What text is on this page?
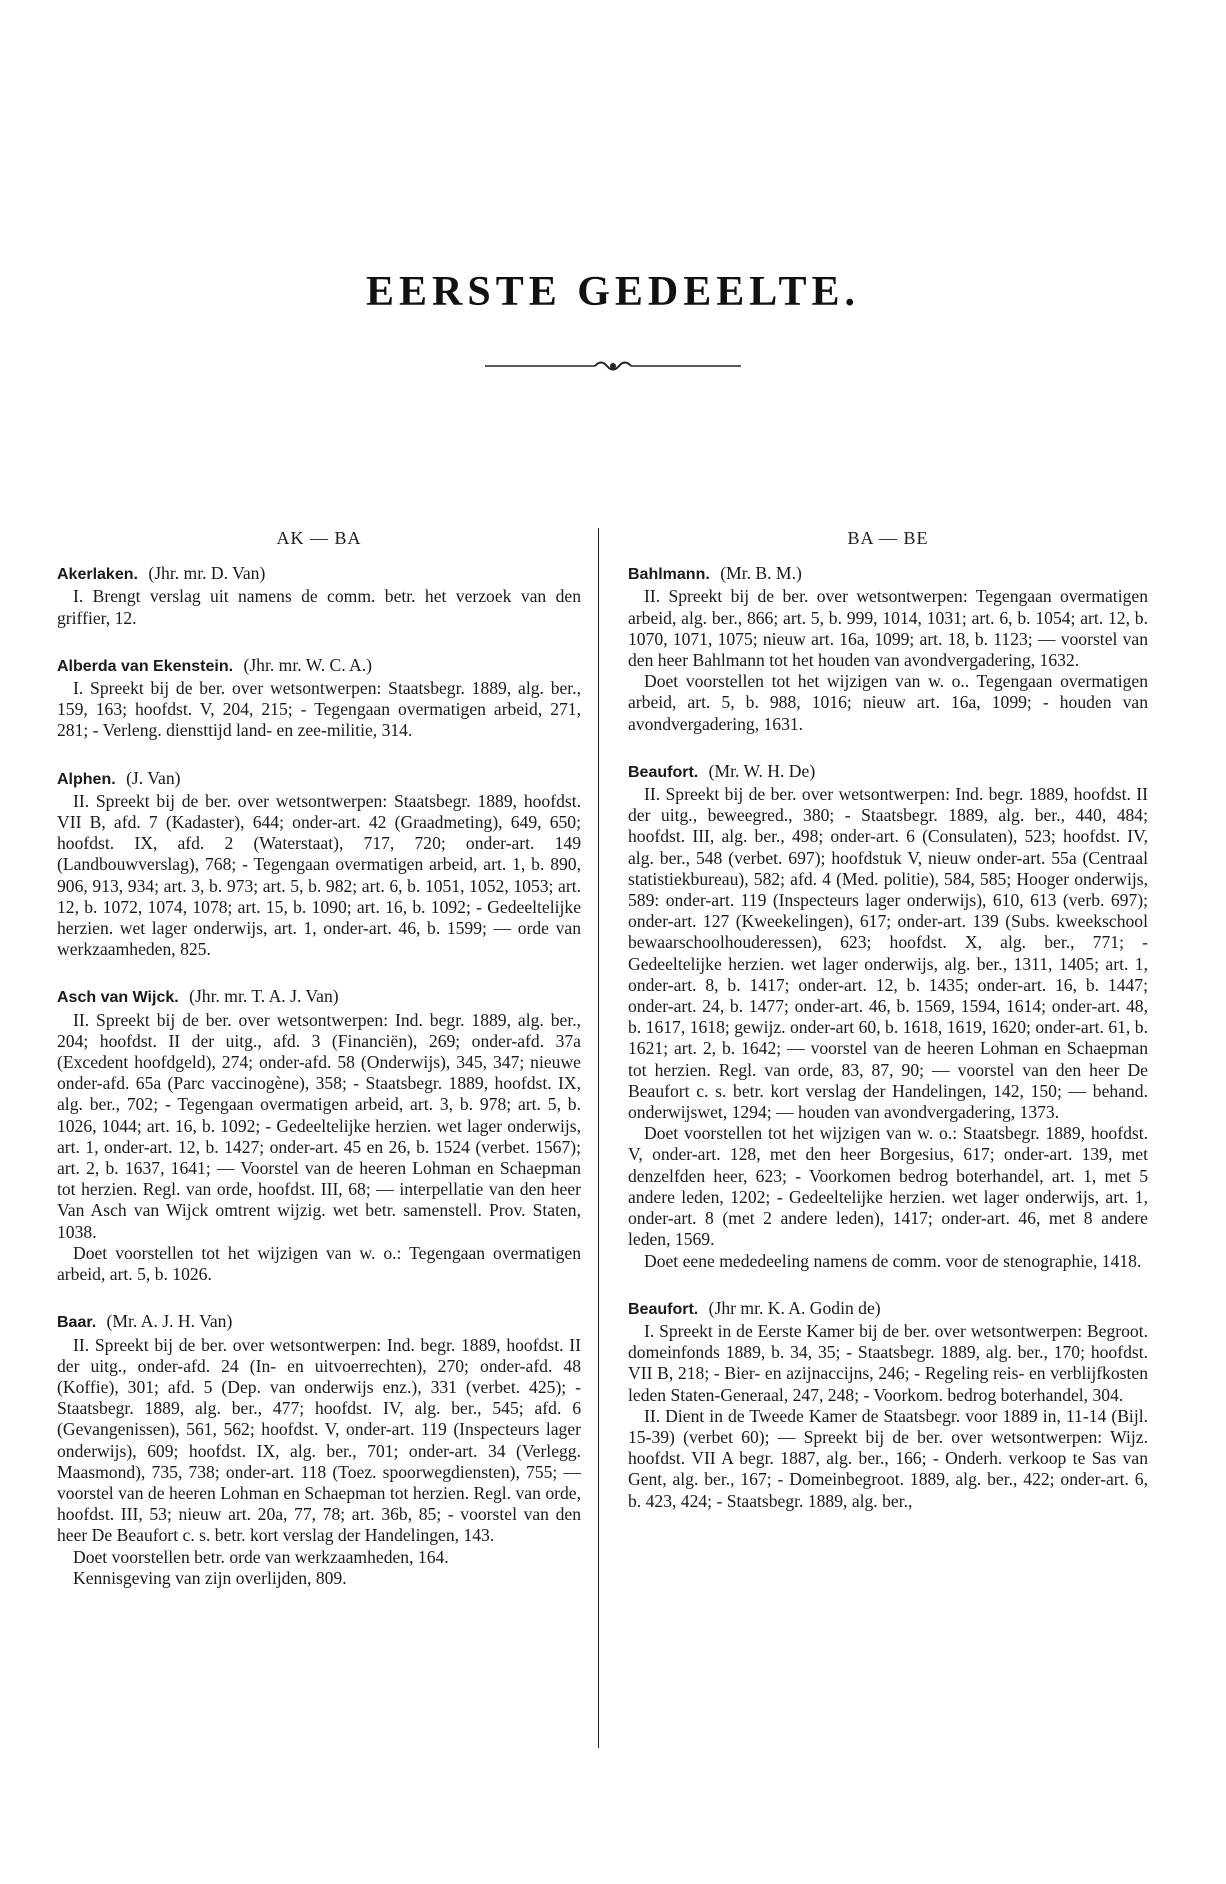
EERSTE GEDEELTE.
AK — BA
Akerlaken. (Jhr. mr. D. Van)

I. Brengt verslag uit namens de comm. betr. het verzoek van den griffier, 12.

Alberda van Ekenstein. (Jhr. mr. W. C. A.)

I. Spreekt bij de ber. over wetsontwerpen: Staatsbegr. 1889, alg. ber., 159, 163; hoofdst. V, 204, 215; - Tegengaan overmatigen arbeid, 271, 281; - Verleng. diensttijd land- en zee-militie, 314.

Alphen. (J. Van)

II. Spreekt bij de ber. over wetsontwerpen: Staatsbegr. 1889, hoofdst. VII B, afd. 7 (Kadaster), 644; onder-art. 42 (Graadmeting), 649, 650; hoofdst. IX, afd. 2 (Waterstaat), 717, 720; onder-art. 149 (Landbouwverslag), 768; - Tegengaan overmatigen arbeid, art. 1, b. 890, 906, 913, 934; art. 3, b. 973; art. 5, b. 982; art. 6, b. 1051, 1052, 1053; art. 12, b. 1072, 1074, 1078; art. 15, b. 1090; art. 16, b. 1092; - Gedeeltelijke herzien. wet lager onderwijs, art. 1, onder-art. 46, b. 1599; — orde van werkzaamheden, 825.

Asch van Wijck. (Jhr. mr. T. A. J. Van)

II. Spreekt bij de ber. over wetsontwerpen: Ind. begr. 1889, alg. ber., 204; hoofdst. II der uitg., afd. 3 (Financiën), 269; onder-afd. 37a (Excedent hoofdgeld), 274; onder-afd. 58 (Onderwijs), 345, 347; nieuwe onder-afd. 65a (Parc vaccinogène), 358; - Staatsbegr. 1889, hoofdst. IX, alg. ber., 702; - Tegengaan overmatigen arbeid, art. 3, b. 978; art. 5, b. 1026, 1044; art. 16, b. 1092; - Gedeeltelijke herzien. wet lager onderwijs, art. 1, onder-art. 12, b. 1427; onder-art. 45 en 26, b. 1524 (verbet. 1567); art. 2, b. 1637, 1641; — Voorstel van de heeren Lohman en Schaepman tot herzien. Regl. van orde, hoofdst. III, 68; — interpellatie van den heer Van Asch van Wijck omtrent wijzig. wet betr. samenstell. Prov. Staten, 1038.

Doet voorstellen tot het wijzigen van w. o.: Tegengaan overmatigen arbeid, art. 5, b. 1026.

Baar. (Mr. A. J. H. Van)

II. Spreekt bij de ber. over wetsontwerpen: Ind. begr. 1889, hoofdst. II der uitg., onder-afd. 24 (In- en uitvoerrechten), 270; onder-afd. 48 (Koffie), 301; afd. 5 (Dep. van onderwijs enz.), 331 (verbet. 425); - Staatsbegr. 1889, alg. ber., 477; hoofdst. IV, alg. ber., 545; afd. 6 (Gevangenissen), 561, 562; hoofdst. V, onder-art. 119 (Inspecteurs lager onderwijs), 609; hoofdst. IX, alg. ber., 701; onder-art. 34 (Verlegg. Maasmond), 735, 738; onder-art. 118 (Toez. spoorwegdiensten), 755; — voorstel van de heeren Lohman en Schaepman tot herzien. Regl. van orde, hoofdst. III, 53; nieuw art. 20a, 77, 78; art. 36b, 85; - voorstel van den heer De Beaufort c. s. betr. kort verslag der Handelingen, 143.

Doet voorstellen betr. orde van werkzaamheden, 164.

Kennisgeving van zijn overlijden, 809.

BA — BE
Bahlmann. (Mr. B. M.)

II. Spreekt bij de ber. over wetsontwerpen: Tegengaan overmatigen arbeid, alg. ber., 866; art. 5, b. 999, 1014, 1031; art. 6, b. 1054; art. 12, b. 1070, 1071, 1075; nieuw art. 16a, 1099; art. 18, b. 1123; — voorstel van den heer Bahlmann tot het houden van avondvergadering, 1632.

Doet voorstellen tot het wijzigen van w. o.. Tegengaan overmatigen arbeid, art. 5, b. 988, 1016; nieuw art. 16a, 1099; - houden van avondvergadering, 1631.

Beaufort. (Mr. W. H. De)

II. Spreekt bij de ber. over wetsontwerpen: Ind. begr. 1889, hoofdst. II der uitg., beweegred., 380; - Staatsbegr. 1889, alg. ber., 440, 484; hoofdst. III, alg. ber., 498; onder-art. 6 (Consulaten), 523; hoofdst. IV, alg. ber., 548 (verbet. 697); hoofdstuk V, nieuw onder-art. 55a (Centraal statistiekbureau), 582; afd. 4 (Med. politie), 584, 585; Hooger onderwijs, 589: onder-art. 119 (Inspecteurs lager onderwijs), 610, 613 (verb. 697); onder-art. 127 (Kweekelingen), 617; onder-art. 139 (Subs. kweekschool bewaarschoolhouderessen), 623; hoofdst. X, alg. ber., 771; - Gedeeltelijke herzien. wet lager onderwijs, alg. ber., 1311, 1405; art. 1, onder-art. 8, b. 1417; onder-art. 12, b. 1435; onder-art. 16, b. 1447; onder-art. 24, b. 1477; onder-art. 46, b. 1569, 1594, 1614; onder-art. 48, b. 1617, 1618; gewijz. onder-art 60, b. 1618, 1619, 1620; onder-art. 61, b. 1621; art. 2, b. 1642; — voorstel van de heeren Lohman en Schaepman tot herzien. Regl. van orde, 83, 87, 90; — voorstel van den heer De Beaufort c. s. betr. kort verslag der Handelingen, 142, 150; — behand. onderwijswet, 1294; — houden van avondvergadering, 1373.

Doet voorstellen tot het wijzigen van w. o.: Staatsbegr. 1889, hoofdst. V, onder-art. 128, met den heer Borgesius, 617; onder-art. 139, met denzelfden heer, 623; - Voorkomen bedrog boterhandel, art. 1, met 5 andere leden, 1202; - Gedeeltelijke herzien. wet lager onderwijs, art. 1, onder-art. 8 (met 2 andere leden), 1417; onder-art. 46, met 8 andere leden, 1569.

Doet eene mededeeling namens de comm. voor de stenographie, 1418.

Beaufort. (Jhr mr. K. A. Godin de)

I. Spreekt in de Eerste Kamer bij de ber. over wetsontwerpen: Begroot. domeinfonds 1889, b. 34, 35; - Staatsbegr. 1889, alg. ber., 170; hoofdst. VII B, 218; - Bier- en azijnaccijns, 246; - Regeling reis- en verblijfkosten leden Staten-Generaal, 247, 248; - Voorkom. bedrog boterhandel, 304.

II. Dient in de Tweede Kamer de Staatsbegr. voor 1889 in, 11-14 (Bijl. 15-39) (verbet 60); — Spreekt bij de ber. over wetsontwerpen: Wijz. hoofdst. VII A begr. 1887, alg. ber., 166; - Onderh. verkoop te Sas van Gent, alg. ber., 167; - Domeinbegroot. 1889, alg. ber., 422; onder-art. 6, b. 423, 424; - Staatsbegr. 1889, alg. ber.,
